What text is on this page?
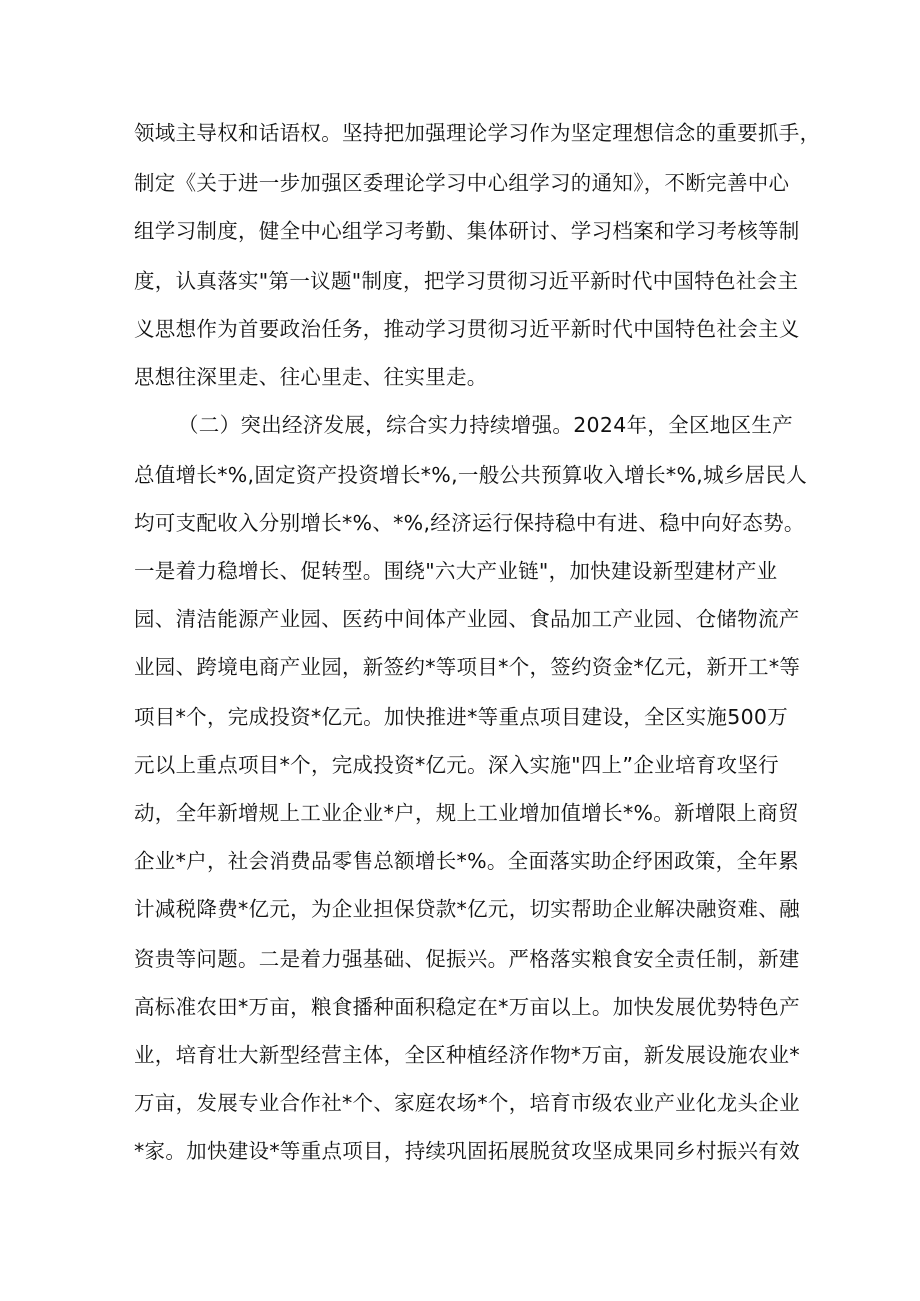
领域主导权和话语权。坚持把加强理论学习作为坚定理想信念的重要抓手，
制定《关于进一步加强区委理论学习中心组学习的通知》，不断完善中心
组学习制度，健全中心组学习考勤、集体研讨、学习档案和学习考核等制
度，认真落实"第一议题"制度，把学习贯彻习近平新时代中国特色社会主
义思想作为首要政治任务，推动学习贯彻习近平新时代中国特色社会主义
思想往深里走、往心里走、往实里走。
（二）突出经济发展，综合实力持续增强。2024年，全区地区生产
总值增长*%,固定资产投资增长*%,一般公共预算收入增长*%,城乡居民人
均可支配收入分别增长*%、*%,经济运行保持稳中有进、稳中向好态势。
一是着力稳增长、促转型。围绕"六大产业链"，加快建设新型建材产业
园、清洁能源产业园、医药中间体产业园、食品加工产业园、仓储物流产
业园、跨境电商产业园，新签约*等项目*个，签约资金*亿元，新开工*等
项目*个，完成投资*亿元。加快推进*等重点项目建设，全区实施500万
元以上重点项目*个，完成投资*亿元。深入实施"四上”企业培育攻坚行
动，全年新增规上工业企业*户，规上工业增加值增长*%。新增限上商贸
企业*户，社会消费品零售总额增长*%。全面落实助企纾困政策，全年累
计减税降费*亿元，为企业担保贷款*亿元，切实帮助企业解决融资难、融
资贵等问题。二是着力强基础、促振兴。严格落实粮食安全责任制，新建
高标准农田*万亩，粮食播种面积稳定在*万亩以上。加快发展优势特色产
业，培育壮大新型经营主体，全区种植经济作物*万亩，新发展设施农业*
万亩，发展专业合作社*个、家庭农场*个，培育市级农业产业化龙头企业
*家。加快建设*等重点项目，持续巩固拓展脱贫攻坚成果同乡村振兴有效
